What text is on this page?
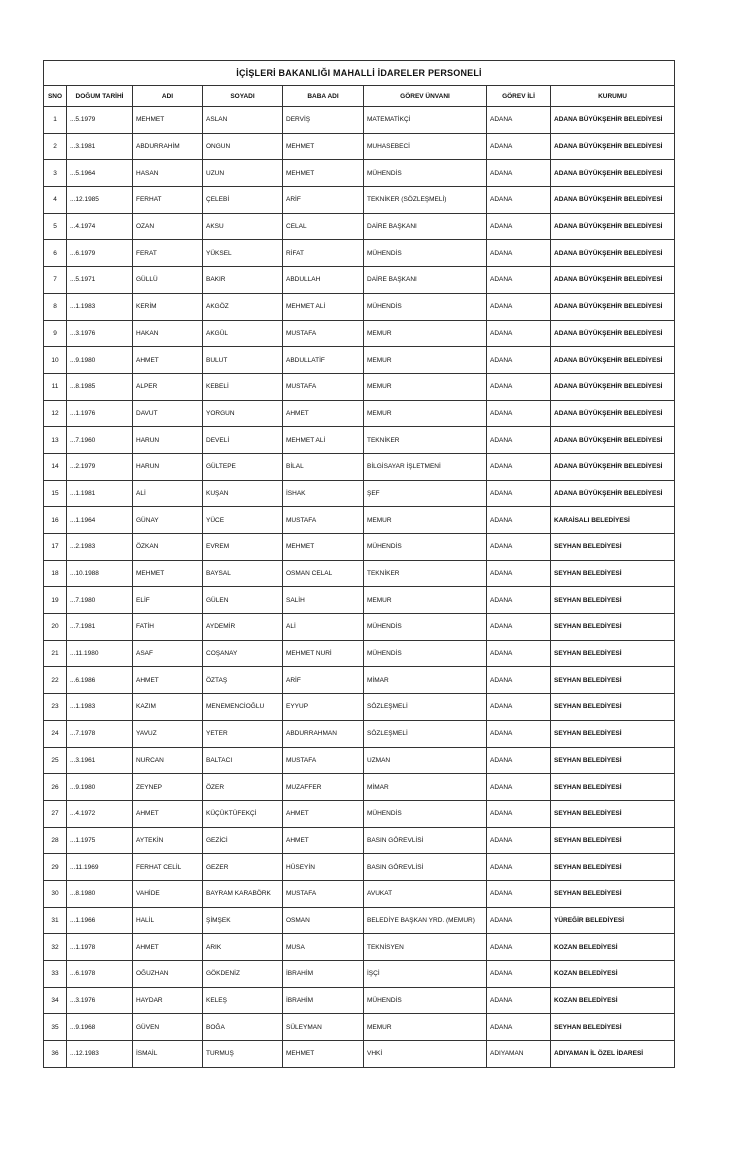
İÇİŞLERİ BAKANLIĞI MAHALLİ İDARELER PERSONELİ							
SNO	DOĞUM TARİHİ	ADI	SOYADI	BABA ADI	GÖREV ÜNVANI	GÖREV İLİ	KURUMU
1	...5.1979	MEHMET	ASLAN	DERVİŞ	MATEMATİKÇİ	ADANA	ADANA BÜYÜKŞEHİR BELEDİYESİ
2	...3.1981	ABDURRAHİM	ONGUN	MEHMET	MUHASEBECİ	ADANA	ADANA BÜYÜKŞEHİR BELEDİYESİ
3	...5.1964	HASAN	UZUN	MEHMET	MÜHENDİS	ADANA	ADANA BÜYÜKŞEHİR BELEDİYESİ
4	...12.1985	FERHAT	ÇELEBİ	ARİF	TEKNİKER (SÖZLEŞMELİ)	ADANA	ADANA BÜYÜKŞEHİR BELEDİYESİ
5	...4.1974	OZAN	AKSU	CELAL	DAİRE BAŞKANI	ADANA	ADANA BÜYÜKŞEHİR BELEDİYESİ
6	...6.1979	FERAT	YÜKSEL	RİFAT	MÜHENDİS	ADANA	ADANA BÜYÜKŞEHİR BELEDİYESİ
7	...5.1971	GÜLLÜ	BAKIR	ABDULLAH	DAİRE BAŞKANI	ADANA	ADANA BÜYÜKŞEHİR BELEDİYESİ
8	...1.1983	KERİM	AKGÖZ	MEHMET ALİ	MÜHENDİS	ADANA	ADANA BÜYÜKŞEHİR BELEDİYESİ
9	...3.1976	HAKAN	AKGÜL	MUSTAFA	MEMUR	ADANA	ADANA BÜYÜKŞEHİR BELEDİYESİ
10	...9.1980	AHMET	BULUT	ABDULLATİF	MEMUR	ADANA	ADANA BÜYÜKŞEHİR BELEDİYESİ
11	...8.1985	ALPER	KEBELİ	MUSTAFA	MEMUR	ADANA	ADANA BÜYÜKŞEHİR BELEDİYESİ
12	...1.1976	DAVUT	YORGUN	AHMET	MEMUR	ADANA	ADANA BÜYÜKŞEHİR BELEDİYESİ
13	...7.1960	HARUN	DEVELİ	MEHMET ALİ	TEKNİKER	ADANA	ADANA BÜYÜKŞEHİR BELEDİYESİ
14	...2.1979	HARUN	GÜLTEPE	BİLAL	BİLGİSAYAR İŞLETMENİ	ADANA	ADANA BÜYÜKŞEHİR BELEDİYESİ
15	...1.1981	ALİ	KUŞAN	İSHAK	ŞEF	ADANA	ADANA BÜYÜKŞEHİR BELEDİYESİ
16	...1.1964	GÜNAY	YÜCE	MUSTAFA	MEMUR	ADANA	KARAİSALI BELEDİYESİ
17	...2.1983	ÖZKAN	EVREM	MEHMET	MÜHENDİS	ADANA	SEYHAN BELEDİYESİ
18	...10.1988	MEHMET	BAYSAL	OSMAN CELAL	TEKNİKER	ADANA	SEYHAN BELEDİYESİ
19	...7.1980	ELİF	GÜLEN	SALİH	MEMUR	ADANA	SEYHAN BELEDİYESİ
20	...7.1981	FATİH	AYDEMİR	ALİ	MÜHENDİS	ADANA	SEYHAN BELEDİYESİ
21	...11.1980	ASAF	COŞANAY	MEHMET NURİ	MÜHENDİS	ADANA	SEYHAN BELEDİYESİ
22	...6.1986	AHMET	ÖZTAŞ	ARİF	MİMAR	ADANA	SEYHAN BELEDİYESİ
23	...1.1983	KAZIM	MENEMENCİOĞLU	EYYUP	SÖZLEŞMELİ	ADANA	SEYHAN BELEDİYESİ
24	...7.1978	YAVUZ	YETER	ABDURRAHMAN	SÖZLEŞMELİ	ADANA	SEYHAN BELEDİYESİ
25	...3.1961	NURCAN	BALTACI	MUSTAFA	UZMAN	ADANA	SEYHAN BELEDİYESİ
26	...9.1980	ZEYNEP	ÖZER	MUZAFFER	MİMAR	ADANA	SEYHAN BELEDİYESİ
27	...4.1972	AHMET	KÜÇÜKTÜFEKÇİ	AHMET	MÜHENDİS	ADANA	SEYHAN BELEDİYESİ
28	...1.1975	AYTEKİN	GEZİCİ	AHMET	BASIN GÖREVLİSİ	ADANA	SEYHAN BELEDİYESİ
29	...11.1969	FERHAT CELİL	GEZER	HÜSEYİN	BASIN GÖREVLİSİ	ADANA	SEYHAN BELEDİYESİ
30	...8.1980	VAHİDE	BAYRAM KARABÖRK	MUSTAFA	AVUKAT	ADANA	SEYHAN BELEDİYESİ
31	...1.1966	HALİL	ŞİMŞEK	OSMAN	BELEDİYE BAŞKAN YRD. (MEMUR)	ADANA	YÜREĞİR BELEDİYESİ
32	...1.1978	AHMET	ARIK	MUSA	TEKNİSYEN	ADANA	KOZAN BELEDİYESİ
33	...6.1978	OĞUZHAN	GÖKDENİZ	İBRAHİM	İŞÇİ	ADANA	KOZAN BELEDİYESİ
34	...3.1976	HAYDAR	KELEŞ	İBRAHİM	MÜHENDİS	ADANA	KOZAN BELEDİYESİ
35	...9.1968	GÜVEN	BOĞA	SÜLEYMAN	MEMUR	ADANA	SEYHAN BELEDİYESİ
36	...12.1983	İSMAİL	TURMUŞ	MEHMET	VHKİ	ADIYAMAN	ADIYAMAN İL ÖZEL İDARESİ
